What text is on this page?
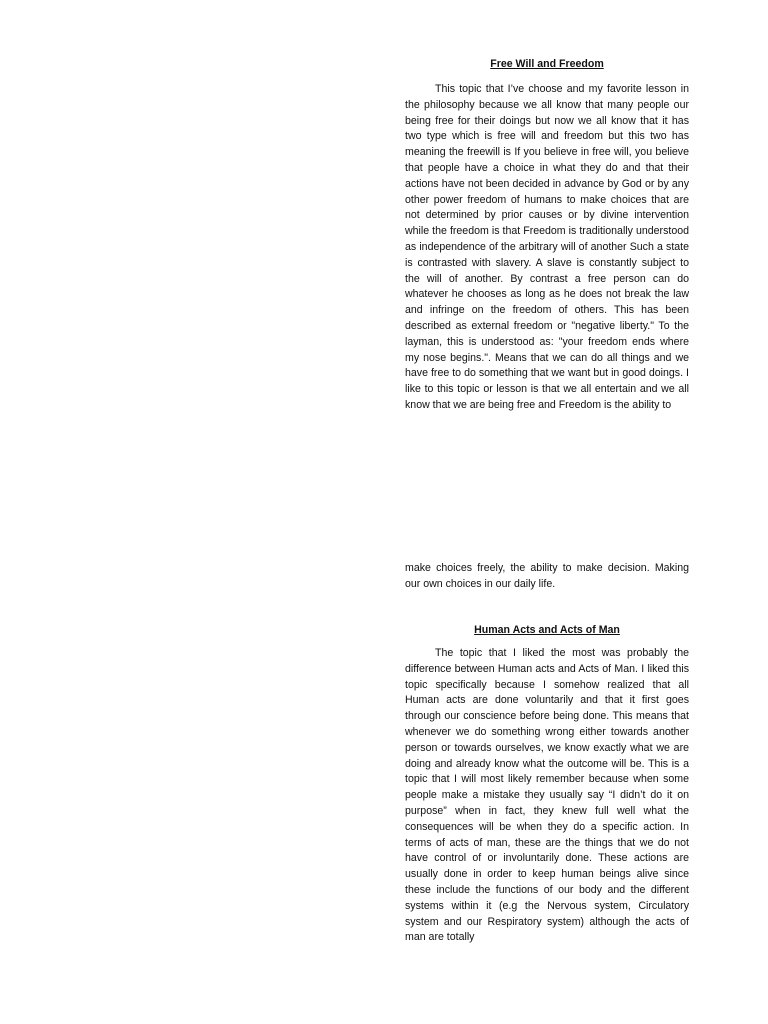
Free Will and Freedom

This topic that I’ve choose and my favorite lesson in the philosophy because we all know that many people our being free for their doings but now we all know that it has two type which is free will and freedom but this two has meaning the freewill is If you believe in free will, you believe that people have a choice in what they do and that their actions have not been decided in advance by God or by any other power freedom of humans to make choices that are not determined by prior causes or by divine intervention while the freedom is that Freedom is traditionally understood as independence of the arbitrary will of another Such a state is contrasted with slavery. A slave is constantly subject to the will of another. By contrast a free person can do whatever he chooses as long as he does not break the law and infringe on the freedom of others. This has been described as external freedom or "negative liberty." To the layman, this is understood as: "your freedom ends where my nose begins.". Means that we can do all things and we have free to do something that we want but in good doings. I like to this topic or lesson is that we all entertain and we all know that we are being free and Freedom is the ability to

make choices freely, the ability to make decision. Making our own choices in our daily life.

Human Acts and Acts of Man

The topic that I liked the most was probably the difference between Human acts and Acts of Man. I liked this topic specifically because I somehow realized that all Human acts are done voluntarily and that it first goes through our conscience before being done. This means that whenever we do something wrong either towards another person or towards ourselves, we know exactly what we are doing and already know what the outcome will be. This is a topic that I will most likely remember because when some people make a mistake they usually say “I didn’t do it on purpose” when in fact, they knew full well what the consequences will be when they do a specific action. In terms of acts of man, these are the things that we do not have control of or involuntarily done. These actions are usually done in order to keep human beings alive since these include the functions of our body and the different systems within it (e.g the Nervous system, Circulatory system and our Respiratory system) although the acts of man are totally
